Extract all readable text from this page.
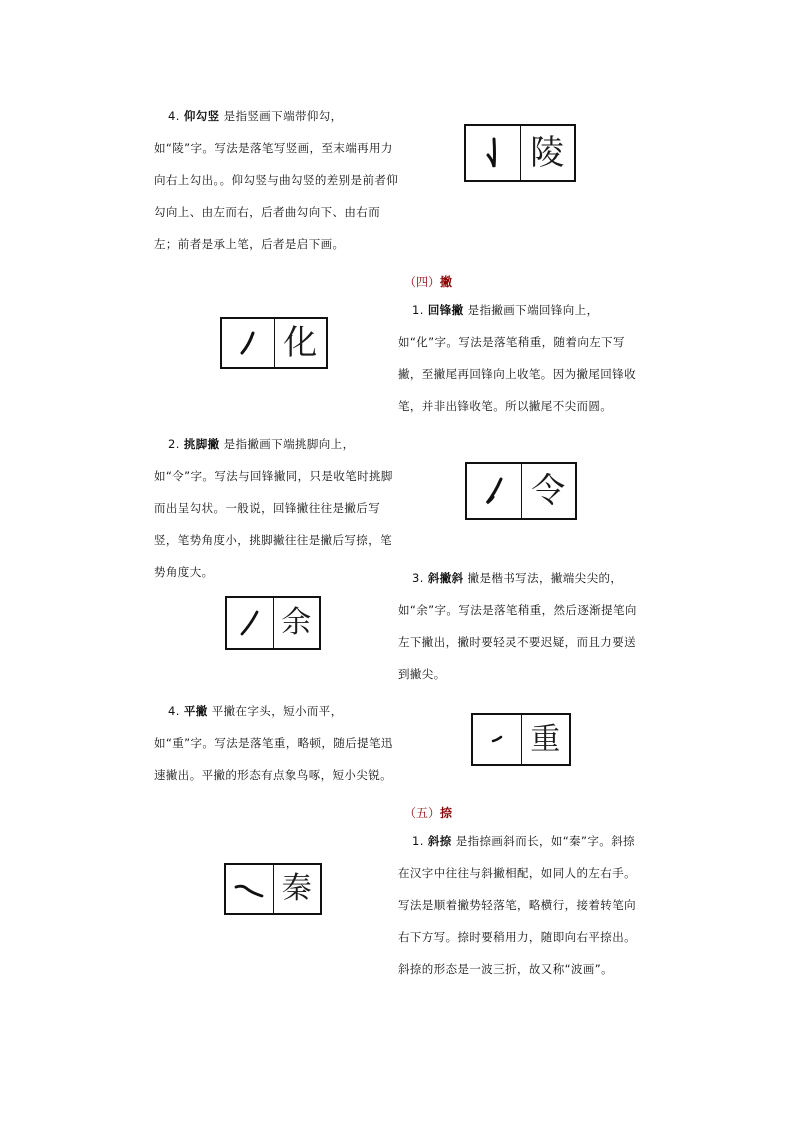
4. 仰勾竖 是指竖画下端带仰勾，如“陵”字。写法是落笔写竖画，至末端再用力向右上勾出。。仰勾竖与曲勾竖的差别是前者仰勾向上、由左而右，后者曲勾向下、由右而左；前者是承上笔，后者是启下画。

陵

（四）撇

化

1. 回锋撇 是指撇画下端回锋向上，如“化”字。写法是落笔稍重，随着向左下写撇，至撇尾再回锋向上收笔。因为撇尾回锋收笔，并非出锋收笔。所以撇尾不尖而圆。

2. 挑脚撇 是指撇画下端挑脚向上，如“令”字。写法与回锋撇同，只是收笔时挑脚而出呈勾状。一般说，回锋撇往往是撇后写竖，笔势角度小，挑脚撇往往是撇后写捺，笔势角度大。

令
余

3. 斜撇斜 撇是楷书写法，撇端尖尖的，如“余”字。写法是落笔稍重，然后逐渐提笔向左下撇出，撇时要轻灵不要迟疑，而且力要送到撇尖。

4. 平撇 平撇在字头，短小而平，如“重”字。写法是落笔重，略顿，随后提笔迅速撇出。平撇的形态有点象鸟啄，短小尖锐。

重

（五）捺

秦

1. 斜捺 是指捺画斜而长，如“秦”字。斜捺在汉字中往往与斜撇相配，如同人的左右手。写法是顺着撇势轻落笔，略横行，接着转笔向右下方写。捺时要稍用力，随即向右平捺出。斜捺的形态是一波三折，故又称“波画”。
